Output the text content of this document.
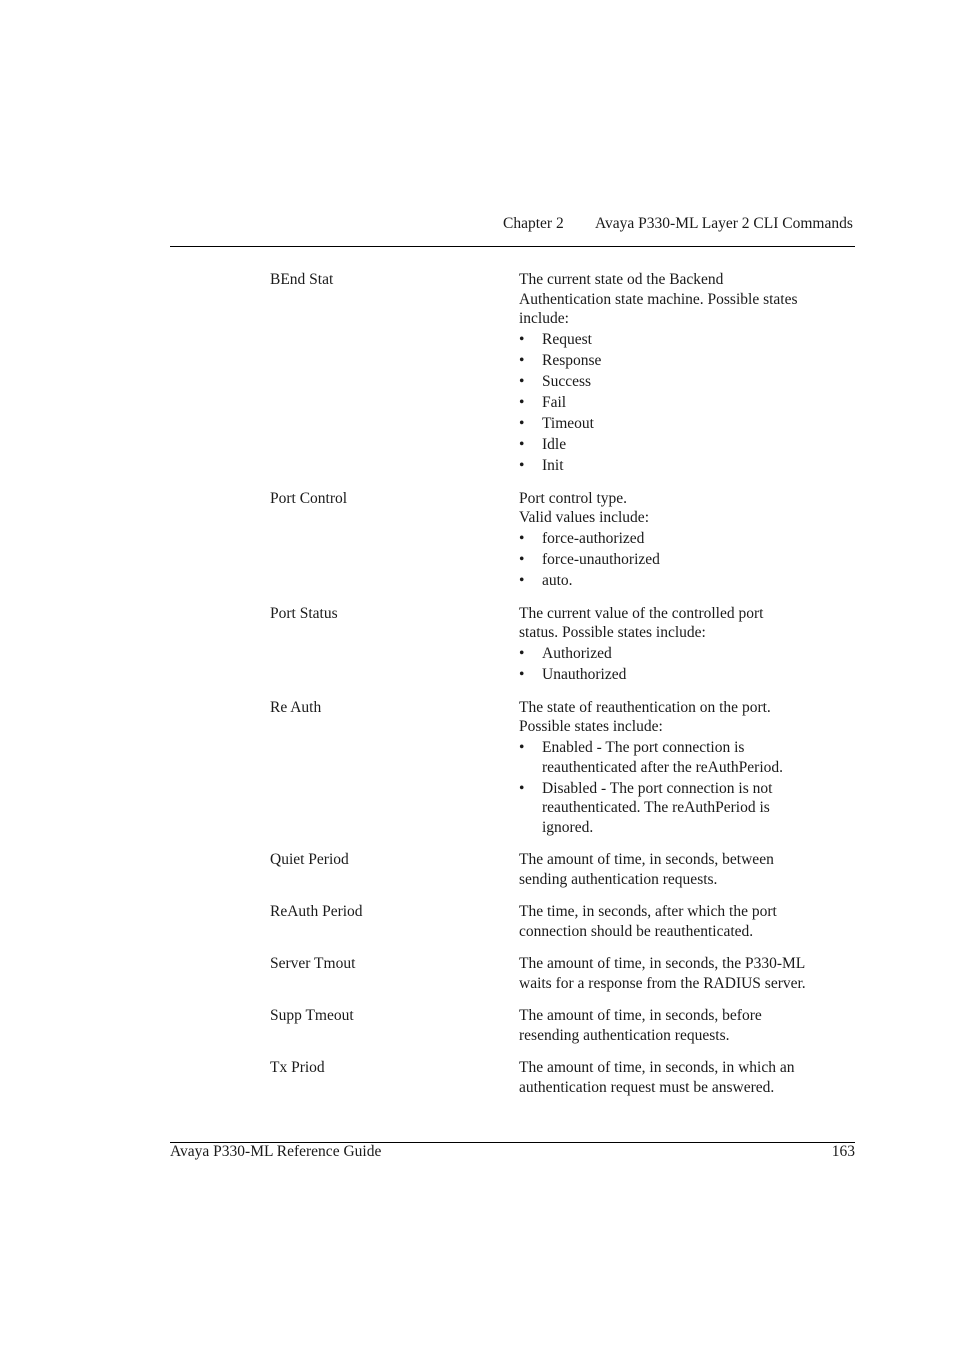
Chapter 2 Avaya P330-ML Layer 2 CLI Commands
BEnd Stat	The current state od the Backend
Authentication state machine. Possible states
include:

•	Request
•	Response
•	Success
•	Fail
•	Timeout
•	Idle
•	Init
Port Control	Port control type.
Valid values include:

•	force-authorized
•	force-unauthorized
•	auto.
Port Status	The current value of the controlled port
status. Possible states include:

•	Authorized
•	Unauthorized
Re Auth	The state of reauthentication on the port.
Possible states include:

•	Enabled - The port connection is
reauthenticated after the reAuthPeriod.
•	Disabled - The port connection is not
reauthenticated. The reAuthPeriod is
ignored.
Quiet Period	The amount of time, in seconds, between
sending authentication requests.

ReAuth Period	The time, in seconds, after which the port
connection should be reauthenticated.

Server Tmout	The amount of time, in seconds, the P330-ML
waits for a response from the RADIUS server.

Supp Tmeout	The amount of time, in seconds, before
resending authentication requests.

Tx Priod	The amount of time, in seconds, in which an
authentication request must be answered.

Avaya P330-ML Reference Guide	163
